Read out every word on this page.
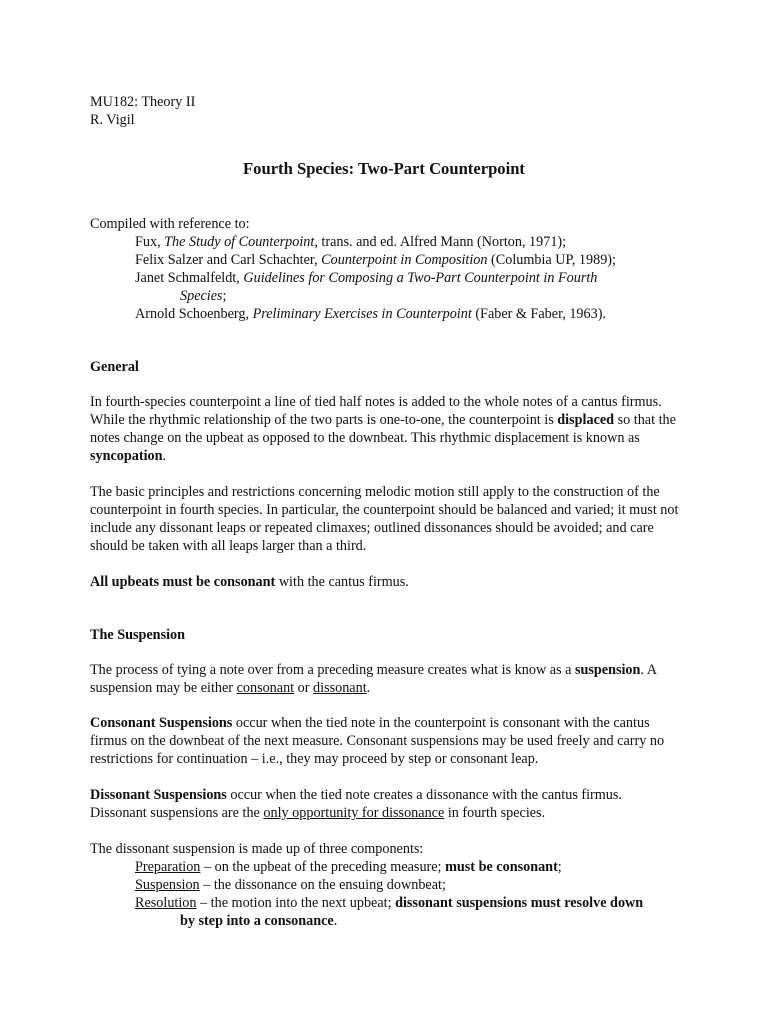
MU182: Theory II

R. Vigil

Fourth Species: Two-Part Counterpoint

Compiled with reference to:

Fux, The Study of Counterpoint, trans. and ed. Alfred Mann (Norton, 1971);

Felix Salzer and Carl Schachter, Counterpoint in Composition (Columbia UP, 1989);

Janet Schmalfeldt, Guidelines for Composing a Two-Part Counterpoint in Fourth

Species;

Arnold Schoenberg, Preliminary Exercises in Counterpoint (Faber & Faber, 1963).

General

In fourth-species counterpoint a line of tied half notes is added to the whole notes of a cantus firmus. While the rhythmic relationship of the two parts is one-to-one, the counterpoint is displaced so that the notes change on the upbeat as opposed to the downbeat. This rhythmic displacement is known as syncopation.

The basic principles and restrictions concerning melodic motion still apply to the construction of the counterpoint in fourth species. In particular, the counterpoint should be balanced and varied; it must not include any dissonant leaps or repeated climaxes; outlined dissonances should be avoided; and care should be taken with all leaps larger than a third.

All upbeats must be consonant with the cantus firmus.

The Suspension

The process of tying a note over from a preceding measure creates what is know as a suspension. A suspension may be either consonant or dissonant.

Consonant Suspensions occur when the tied note in the counterpoint is consonant with the cantus firmus on the downbeat of the next measure. Consonant suspensions may be used freely and carry no restrictions for continuation – i.e., they may proceed by step or consonant leap.

Dissonant Suspensions occur when the tied note creates a dissonance with the cantus firmus. Dissonant suspensions are the only opportunity for dissonance in fourth species.

The dissonant suspension is made up of three components:

Preparation – on the upbeat of the preceding measure; must be consonant;

Suspension – the dissonance on the ensuing downbeat;

Resolution – the motion into the next upbeat; dissonant suspensions must resolve down

by step into a consonance.
